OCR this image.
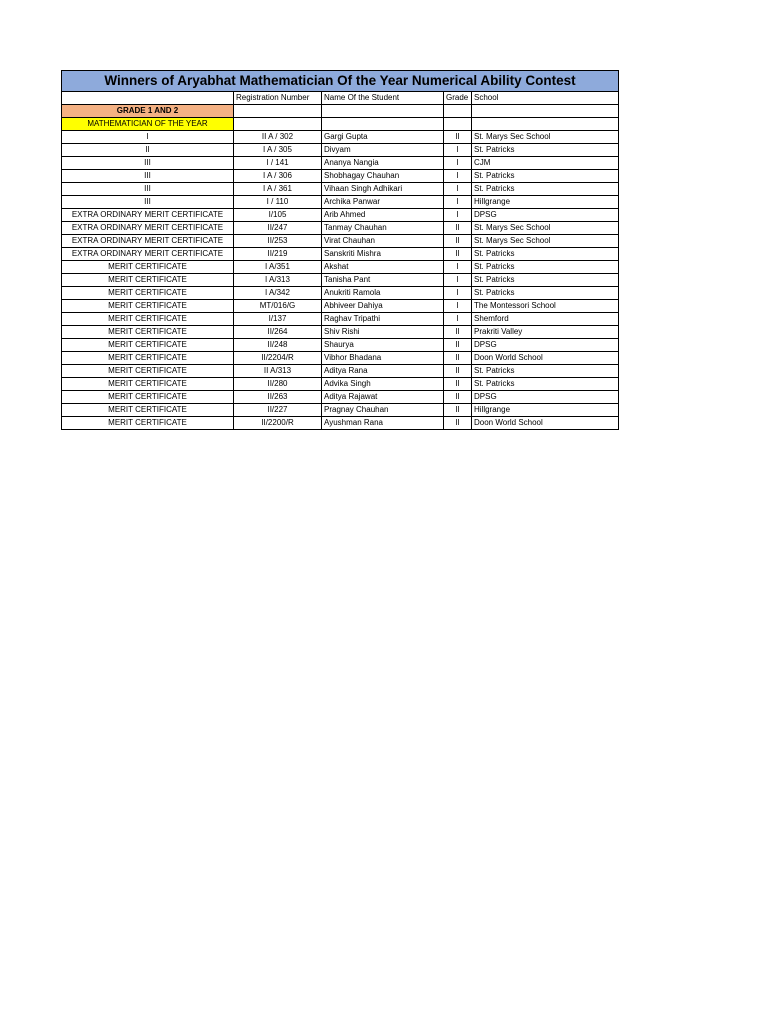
Winners of Aryabhat Mathematician Of the Year Numerical Ability Contest				
	Registration Number	Name Of the Student	Grade	School
GRADE 1 AND 2				
MATHEMATICIAN OF THE YEAR				
I	II A / 302	Gargi Gupta	II	St. Marys Sec School
II	I A / 305	Divyam	I	St. Patricks
III	I / 141	Ananya Nangia	I	CJM
III	I A / 306	Shobhagay Chauhan	I	St. Patricks
III	I A / 361	Vihaan Singh Adhikari	I	St. Patricks
III	I / 110	Archika Panwar	I	Hillgrange
EXTRA ORDINARY MERIT CERTIFICATE	I/105	Arib Ahmed	I	DPSG
EXTRA ORDINARY MERIT CERTIFICATE	II/247	Tanmay Chauhan	II	St. Marys Sec School
EXTRA ORDINARY MERIT CERTIFICATE	II/253	Virat Chauhan	II	St. Marys Sec School
EXTRA ORDINARY MERIT CERTIFICATE	II/219	Sanskriti Mishra	II	St. Patricks
MERIT CERTIFICATE	I A/351	Akshat	I	St. Patricks
MERIT CERTIFICATE	I A/313	Tanisha Pant	I	St. Patricks
MERIT CERTIFICATE	I A/342	Anukriti Ramola	I	St. Patricks
MERIT CERTIFICATE	MT/016/G	Abhiveer Dahiya	I	The Montessori School
MERIT CERTIFICATE	I/137	Raghav Tripathi	I	Shemford
MERIT CERTIFICATE	II/264	Shiv Rishi	II	Prakriti Valley
MERIT CERTIFICATE	II/248	Shaurya	II	DPSG
MERIT CERTIFICATE	II/2204/R	Vibhor Bhadana	II	Doon World School
MERIT CERTIFICATE	II A/313	Aditya Rana	II	St. Patricks
MERIT CERTIFICATE	II/280	Advika Singh	II	St. Patricks
MERIT CERTIFICATE	II/263	Aditya Rajawat	II	DPSG
MERIT CERTIFICATE	II/227	Pragnay Chauhan	II	Hillgrange
MERIT CERTIFICATE	II/2200/R	Ayushman Rana	II	Doon World School
